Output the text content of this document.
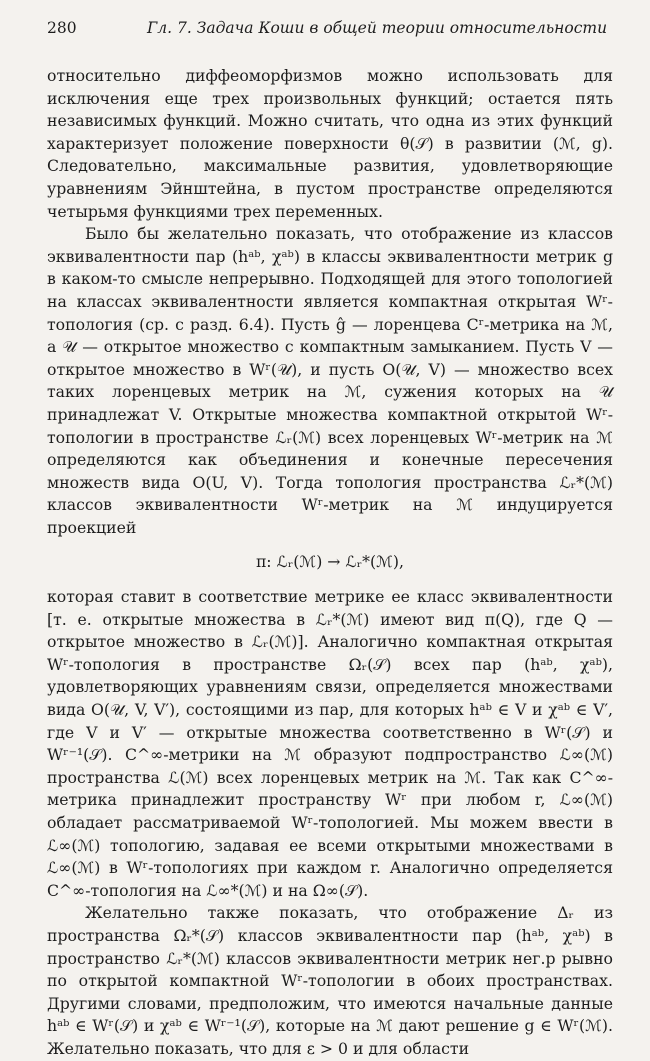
280	Гл. 7. Задача Коши в общей теории относительности

относительно диффеоморфизмов можно использовать для исключения еще трех произвольных функций; остается пять независимых функций. Можно считать, что одна из этих функций характеризует положение поверхности θ(𝒮) в развитии (ℳ, g). Следовательно, максимальные развития, удовлетворяющие уравнениям Эйнштейна, в пустом пространстве определяются четырьмя функциями трех переменных.

Было бы желательно показать, что отображение из классов эквивалентности пар (hᵃᵇ, χᵃᵇ) в классы эквивалентности метрик g в каком-то смысле непрерывно. Подходящей для этого топологией на классах эквивалентности является компактная открытая Wʳ-топология (ср. с разд. 6.4). Пусть ĝ — лоренцева Cʳ-метрика на ℳ, а 𝒰 — открытое множество с компактным замыканием. Пусть V — открытое множество в Wʳ(𝒰), и пусть O(𝒰, V) — множество всех таких лоренцевых метрик на ℳ, сужения которых на 𝒰 принадлежат V. Открытые множества компактной открытой Wʳ-топологии в пространстве ℒᵣ(ℳ) всех лоренцевых Wʳ-метрик на ℳ определяются как объединения и конечные пересечения множеств вида O(U, V). Тогда топология пространства ℒᵣ*(ℳ) классов эквивалентности Wʳ-метрик на ℳ индуцируется проекцией

π: ℒᵣ(ℳ) → ℒᵣ*(ℳ),

которая ставит в соответствие метрике ее класс эквивалентности [т. е. открытые множества в ℒᵣ*(ℳ) имеют вид π(Q), где Q — открытое множество в ℒᵣ(ℳ)]. Аналогично компактная открытая Wʳ-топология в пространстве Ωᵣ(𝒮) всех пар (hᵃᵇ, χᵃᵇ), удовлетворяющих уравнениям связи, определяется множествами вида O(𝒰, V, V′), состоящими из пар, для которых hᵃᵇ ∈ V и χᵃᵇ ∈ V′, где V и V′ — открытые множества соответственно в Wʳ(𝒮) и Wʳ⁻¹(𝒮). C^∞-метрики на ℳ образуют подпространство ℒ∞(ℳ) пространства ℒ(ℳ) всех лоренцевых метрик на ℳ. Так как C^∞-метрика принадлежит пространству Wʳ при любом r, ℒ∞(ℳ) обладает рассматриваемой Wʳ-топологией. Мы можем ввести в ℒ∞(ℳ) топологию, задавая ее всеми открытыми множествами в ℒ∞(ℳ) в Wʳ-топологиях при каждом r. Аналогично определяется C^∞-топология на ℒ∞*(ℳ) и на Ω∞(𝒮).

Желательно также показать, что отображение Δᵣ из пространства Ωᵣ*(𝒮) классов эквивалентности пар (hᵃᵇ, χᵃᵇ) в пространство ℒᵣ*(ℳ) классов эквивалентности метрик нег.р рывно по открытой компактной Wʳ-топологии в обоих пространствах. Другими словами, предположим, что имеются начальные данные hᵃᵇ ∈ Wʳ(𝒮) и χᵃᵇ ∈ Wʳ⁻¹(𝒮), которые на ℳ дают решение g ∈ Wʳ(ℳ). Желательно показать, что для ε > 0 и для области
